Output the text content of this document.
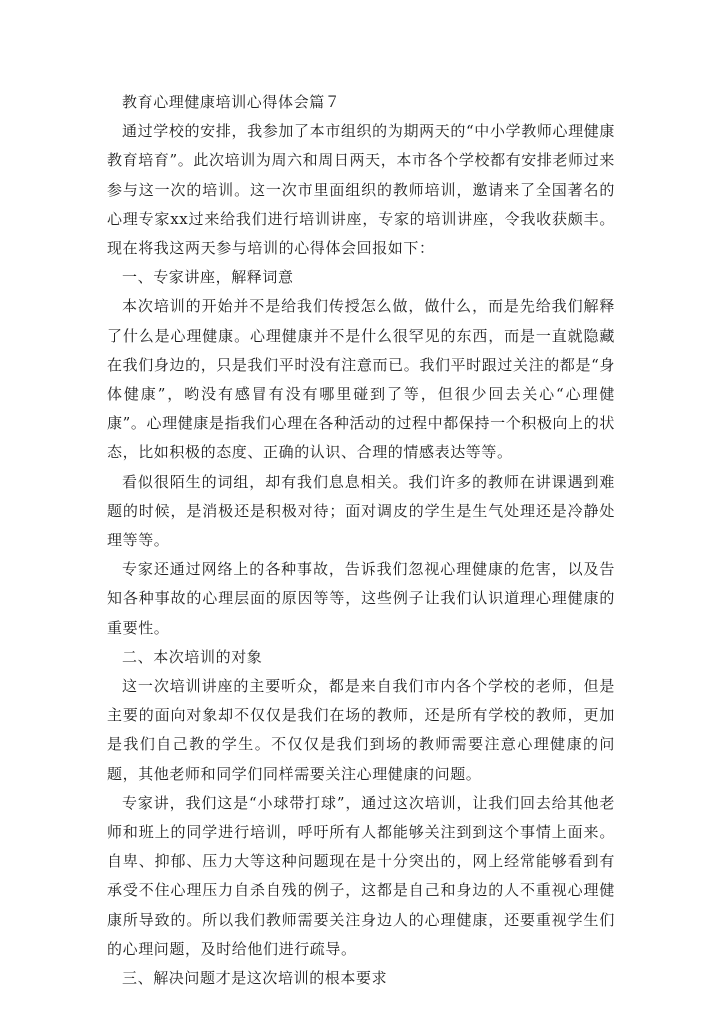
教育心理健康培训心得体会篇７

通过学校的安排，我参加了本市组织的为期两天的“中小学教师心理健康教育培育”。此次培训为周六和周日两天，本市各个学校都有安排老师过来参与这一次的培训。这一次市里面组织的教师培训，邀请来了全国著名的心理专家xx过来给我们进行培训讲座，专家的培训讲座，令我收获颇丰。现在将我这两天参与培训的心得体会回报如下：

一、专家讲座，解释词意

本次培训的开始并不是给我们传授怎么做，做什么，而是先给我们解释了什么是心理健康。心理健康并不是什么很罕见的东西，而是一直就隐藏在我们身边的，只是我们平时没有注意而已。我们平时跟过关注的都是“身体健康”，哟没有感冒有没有哪里碰到了等，但很少回去关心“心理健康”。心理健康是指我们心理在各种活动的过程中都保持一个积极向上的状态，比如积极的态度、正确的认识、合理的情感表达等等。

看似很陌生的词组，却有我们息息相关。我们许多的教师在讲课遇到难题的时候，是消极还是积极对待；面对调皮的学生是生气处理还是冷静处理等等。

专家还通过网络上的各种事故，告诉我们忽视心理健康的危害，以及告知各种事故的心理层面的原因等等，这些例子让我们认识道理心理健康的重要性。

二、本次培训的对象

这一次培训讲座的主要听众，都是来自我们市内各个学校的老师，但是主要的面向对象却不仅仅是我们在场的教师，还是所有学校的教师，更加是我们自己教的学生。不仅仅是我们到场的教师需要注意心理健康的问题，其他老师和同学们同样需要关注心理健康的问题。

专家讲，我们这是“小球带打球”，通过这次培训，让我们回去给其他老师和班上的同学进行培训，呼吁所有人都能够关注到到这个事情上面来。自卑、抑郁、压力大等这种问题现在是十分突出的，网上经常能够看到有承受不住心理压力自杀自残的例子，这都是自己和身边的人不重视心理健康所导致的。所以我们教师需要关注身边人的心理健康，还要重视学生们的心理问题，及时给他们进行疏导。

三、解决问题才是这次培训的根本要求
